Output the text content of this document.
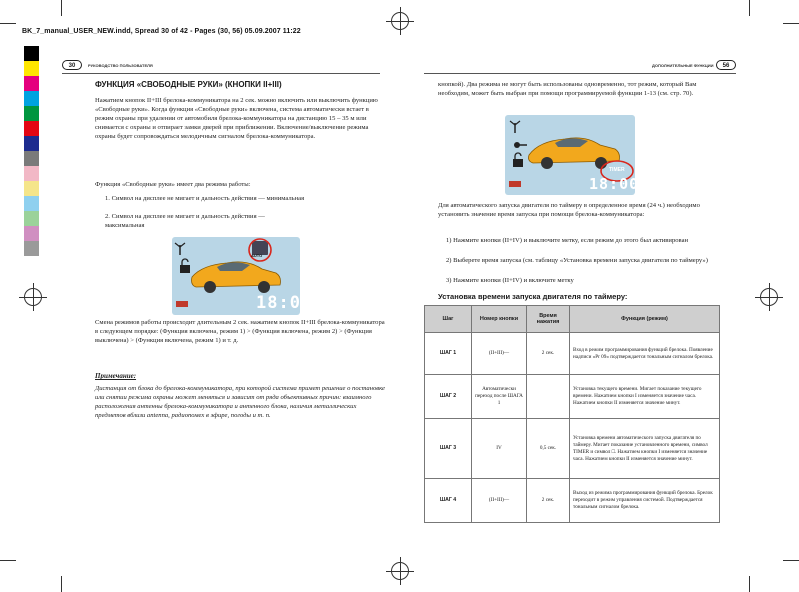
BK_7_manual_USER_NEW.indd, Spread 30 of 42 - Pages (30, 56) 05.09.2007 11:22
30	РУКОВОДСТВО ПОЛЬЗОВАТЕЛЯ	56
ДОПОЛНИТЕЛЬНЫЕ ФУНКЦИИ
ФУНКЦИЯ «СВОБОДНЫЕ РУКИ» (КНОПКИ II+III)
Нажатием кнопок II+III брелока-коммуникатора на 2 сек. можно включить или выключить функцию «Свободные руки». Когда функция «Свободные руки» включена, система автоматически встает в режим охраны при удалении от автомобиля брелока-коммуникатора на дистанцию 15 – 35 м или снимается с охраны и отпирает замки дверей при приближении. Включение/выключение режима охраны будет сопровождаться мелодичным сигналом брелока-коммуникатора.
Функция «Свободные руки» имеет два режима работы:
1. Символ на дисплее не мигает и дальность действия — минимальная
2. Символ на дисплее не мигает и дальность действия — максимальная
AUTO
18:00
Смена режимов работы происходит длительным 2 сек. нажатием кнопок II+III брелока-коммуникатора в следующем порядке: (Функция включена, режим 1) > (Функция включена, режим 2) > (Функция выключена) > (Функция включена, режим 1) и т. д.
Примечание:
Дистанция от блока до брелока-коммуникатора, при которой система примет решение о постановке или снятии режима охраны может меняться и зависит от ряда объективных причин: взаимного расположения антенны брелока-коммуникатора и антенного блока, наличия металлических предметов вблизи antenna, радиопомех в эфире, погоды и т. п.
кнопкой). Два режима не могут быть использованы одновременно, тот режим, который Вам необходим, может быть выбран при помощи программируемой функции 1-13 (см. стр. 70).
TIMER
18:00
Для автоматического запуска двигателя по таймеру в определенное время (24 ч.) необходимо установить значение время запуска при помощи брелока-коммуникатора:
1) Нажмите кнопки (II+IV) и выключите метку, если режим до этого был активирован
2) Выберете время запуска (см. таблицу «Установка времени запуска двигателя по таймеру»)
3) Нажмите кнопки (II+IV) и включите метку
Установка времени запуска двигателя по таймеру:
Шаг	Номер кнопки	Время нажатия	Функция (режим)
ШАГ 1	(II+III)—	2 сек.	Вход в режим программирования функций брелока. Появление надписи «Pr 09» подтверждается тональным сигналом брелока.
ШАГ 2	Автоматически переход после ШАГА 1		Установка текущего времени. Мигает показание текущего времени. Нажатием кнопки I изменяется значение часа. Нажатием кнопки II изменяется значение минут.
ШАГ 3	IV	0,5 сек.	Установка времени автоматического запуска двигателя по таймеру. Мигает показание установленного времени, символ TIMER и символ □. Нажатием кнопки I изменяется значение часа. Нажатием кнопки II изменяется значение минут.
ШАГ 4	(II+III)—	2 сек.	Выход из режима программирования функций брелока. Брелок переходит в режим управления системой. Подтверждается тональным сигналом брелока.
